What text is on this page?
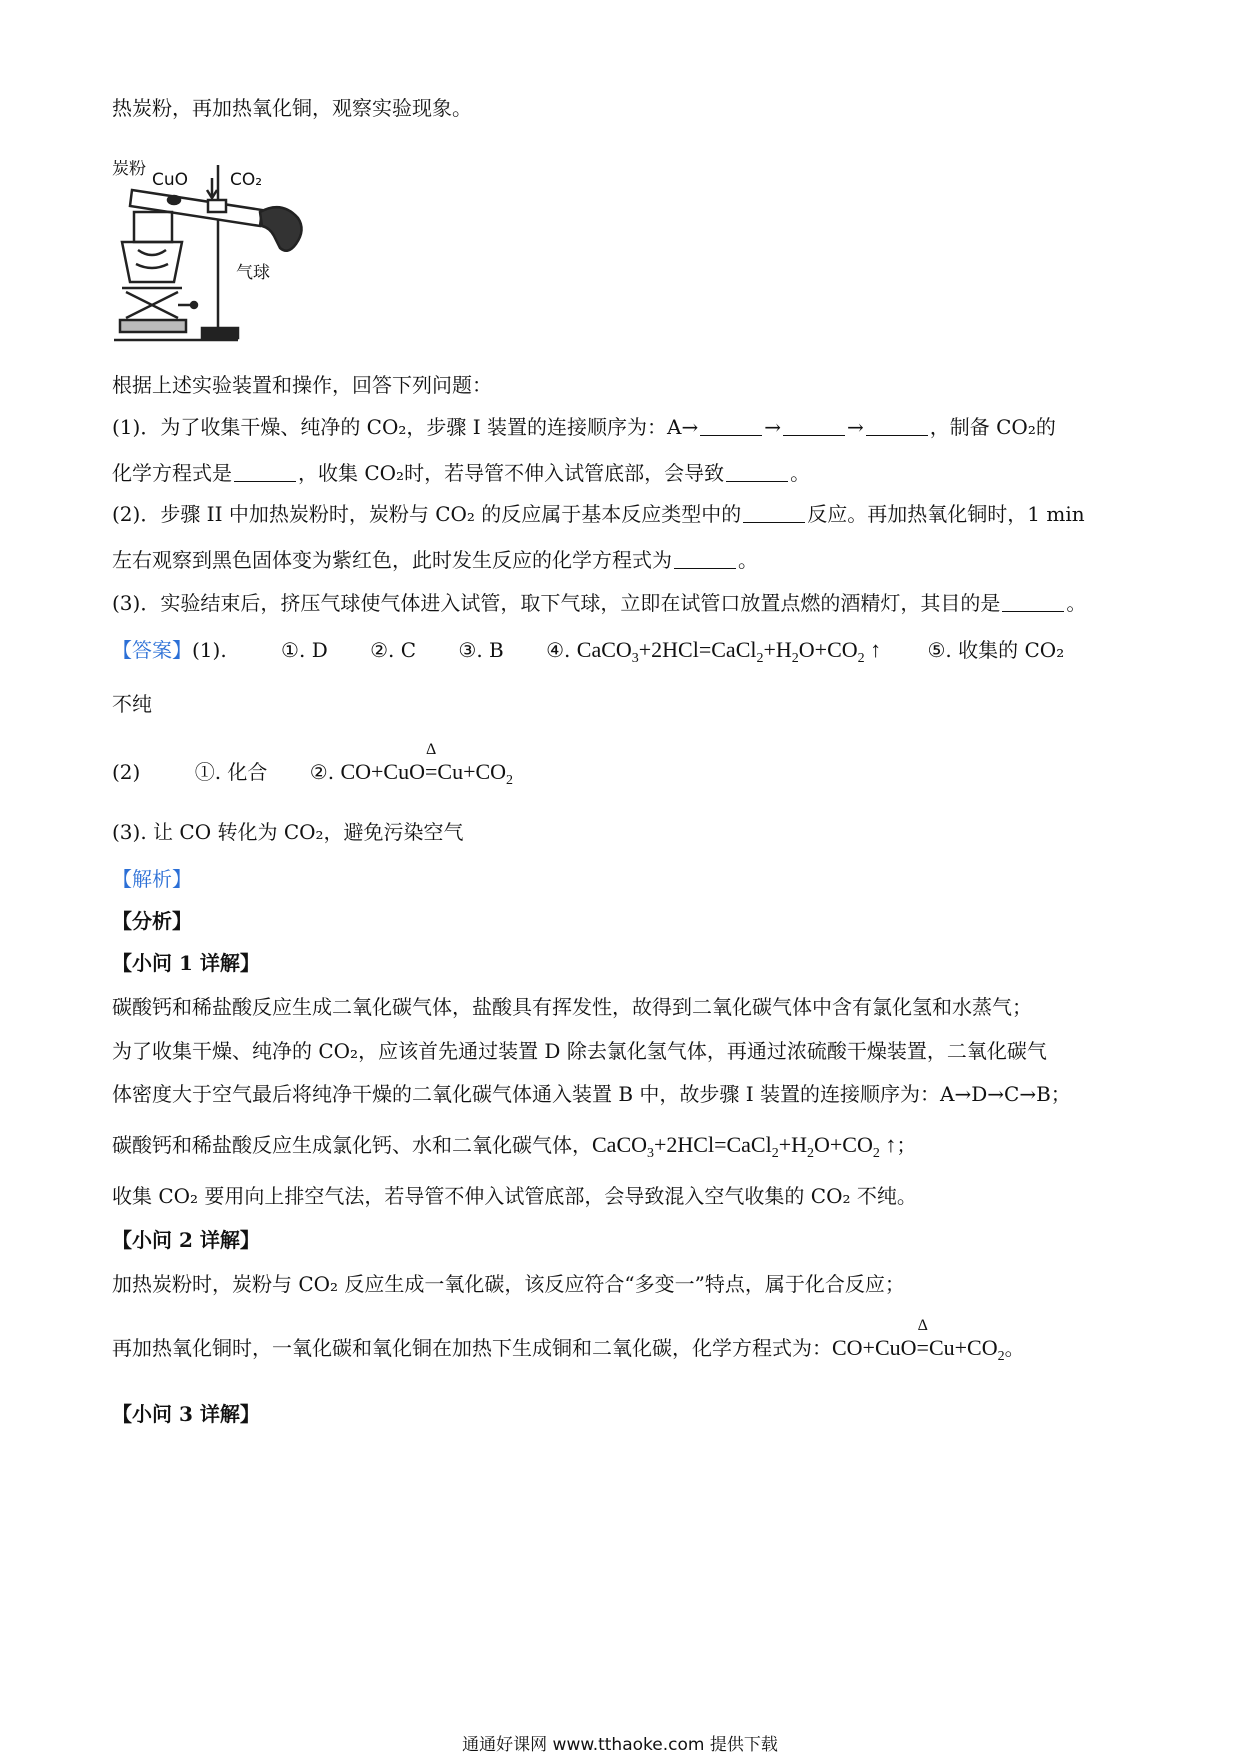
热炭粉，再加热氧化铜，观察实验现象。
炭粉
CuO CO₂
气球
根据上述实验装置和操作，回答下列问题：
(1)．为了收集干燥、纯净的 CO₂，步骤 I 装置的连接顺序为：A→	→	→	，制备 CO₂的
化学方程式是	，收集 CO₂时，若导管不伸入试管底部，会导致	。
(2)．步骤 II 中加热炭粉时，炭粉与 CO₂ 的反应属于基本反应类型中的	反应。再加热氧化铜时，1 min
左右观察到黑色固体变为紫红色，此时发生反应的化学方程式为	。
(3)．实验结束后，挤压气球使气体进入试管，取下气球，立即在试管口放置点燃的酒精灯，其目的是	。
【答案】(1).	①. D ②. C ③. B ④. $CaCO_3+2HCl=CaCl_2+H_2O+CO_2$ ↑ ⑤. 收集的 CO₂
不纯
(2)	①. 化合 ②. CO+CuO
Δ
$=Cu+CO_2$
(3). 让 CO 转化为 CO₂，避免污染空气
【解析】
【分析】
【小问 1 详解】
碳酸钙和稀盐酸反应生成二氧化碳气体，盐酸具有挥发性，故得到二氧化碳气体中含有氯化氢和水蒸气；
为了收集干燥、纯净的 CO₂，应该首先通过装置 D 除去氯化氢气体，再通过浓硫酸干燥装置，二氧化碳气
体密度大于空气最后将纯净干燥的二氧化碳气体通入装置 B 中，故步骤 I 装置的连接顺序为：A→D→C→B；
碳酸钙和稀盐酸反应生成氯化钙、水和二氧化碳气体，$CaCO_3+2HCl=CaCl_2+H_2O+CO_2$ ↑；
收集 CO₂ 要用向上排空气法，若导管不伸入试管底部，会导致混入空气收集的 CO₂ 不纯。
【小问 2 详解】
加热炭粉时，炭粉与 CO₂ 反应生成一氧化碳，该反应符合“多变一”特点，属于化合反应；
再加热氧化铜时，一氧化碳和氧化铜在加热下生成铜和二氧化碳，化学方程式为：CO+CuO
Δ
$=Cu+CO_2$。
【小问 3 详解】
通通好课网 www.tthaoke.com 提供下载
